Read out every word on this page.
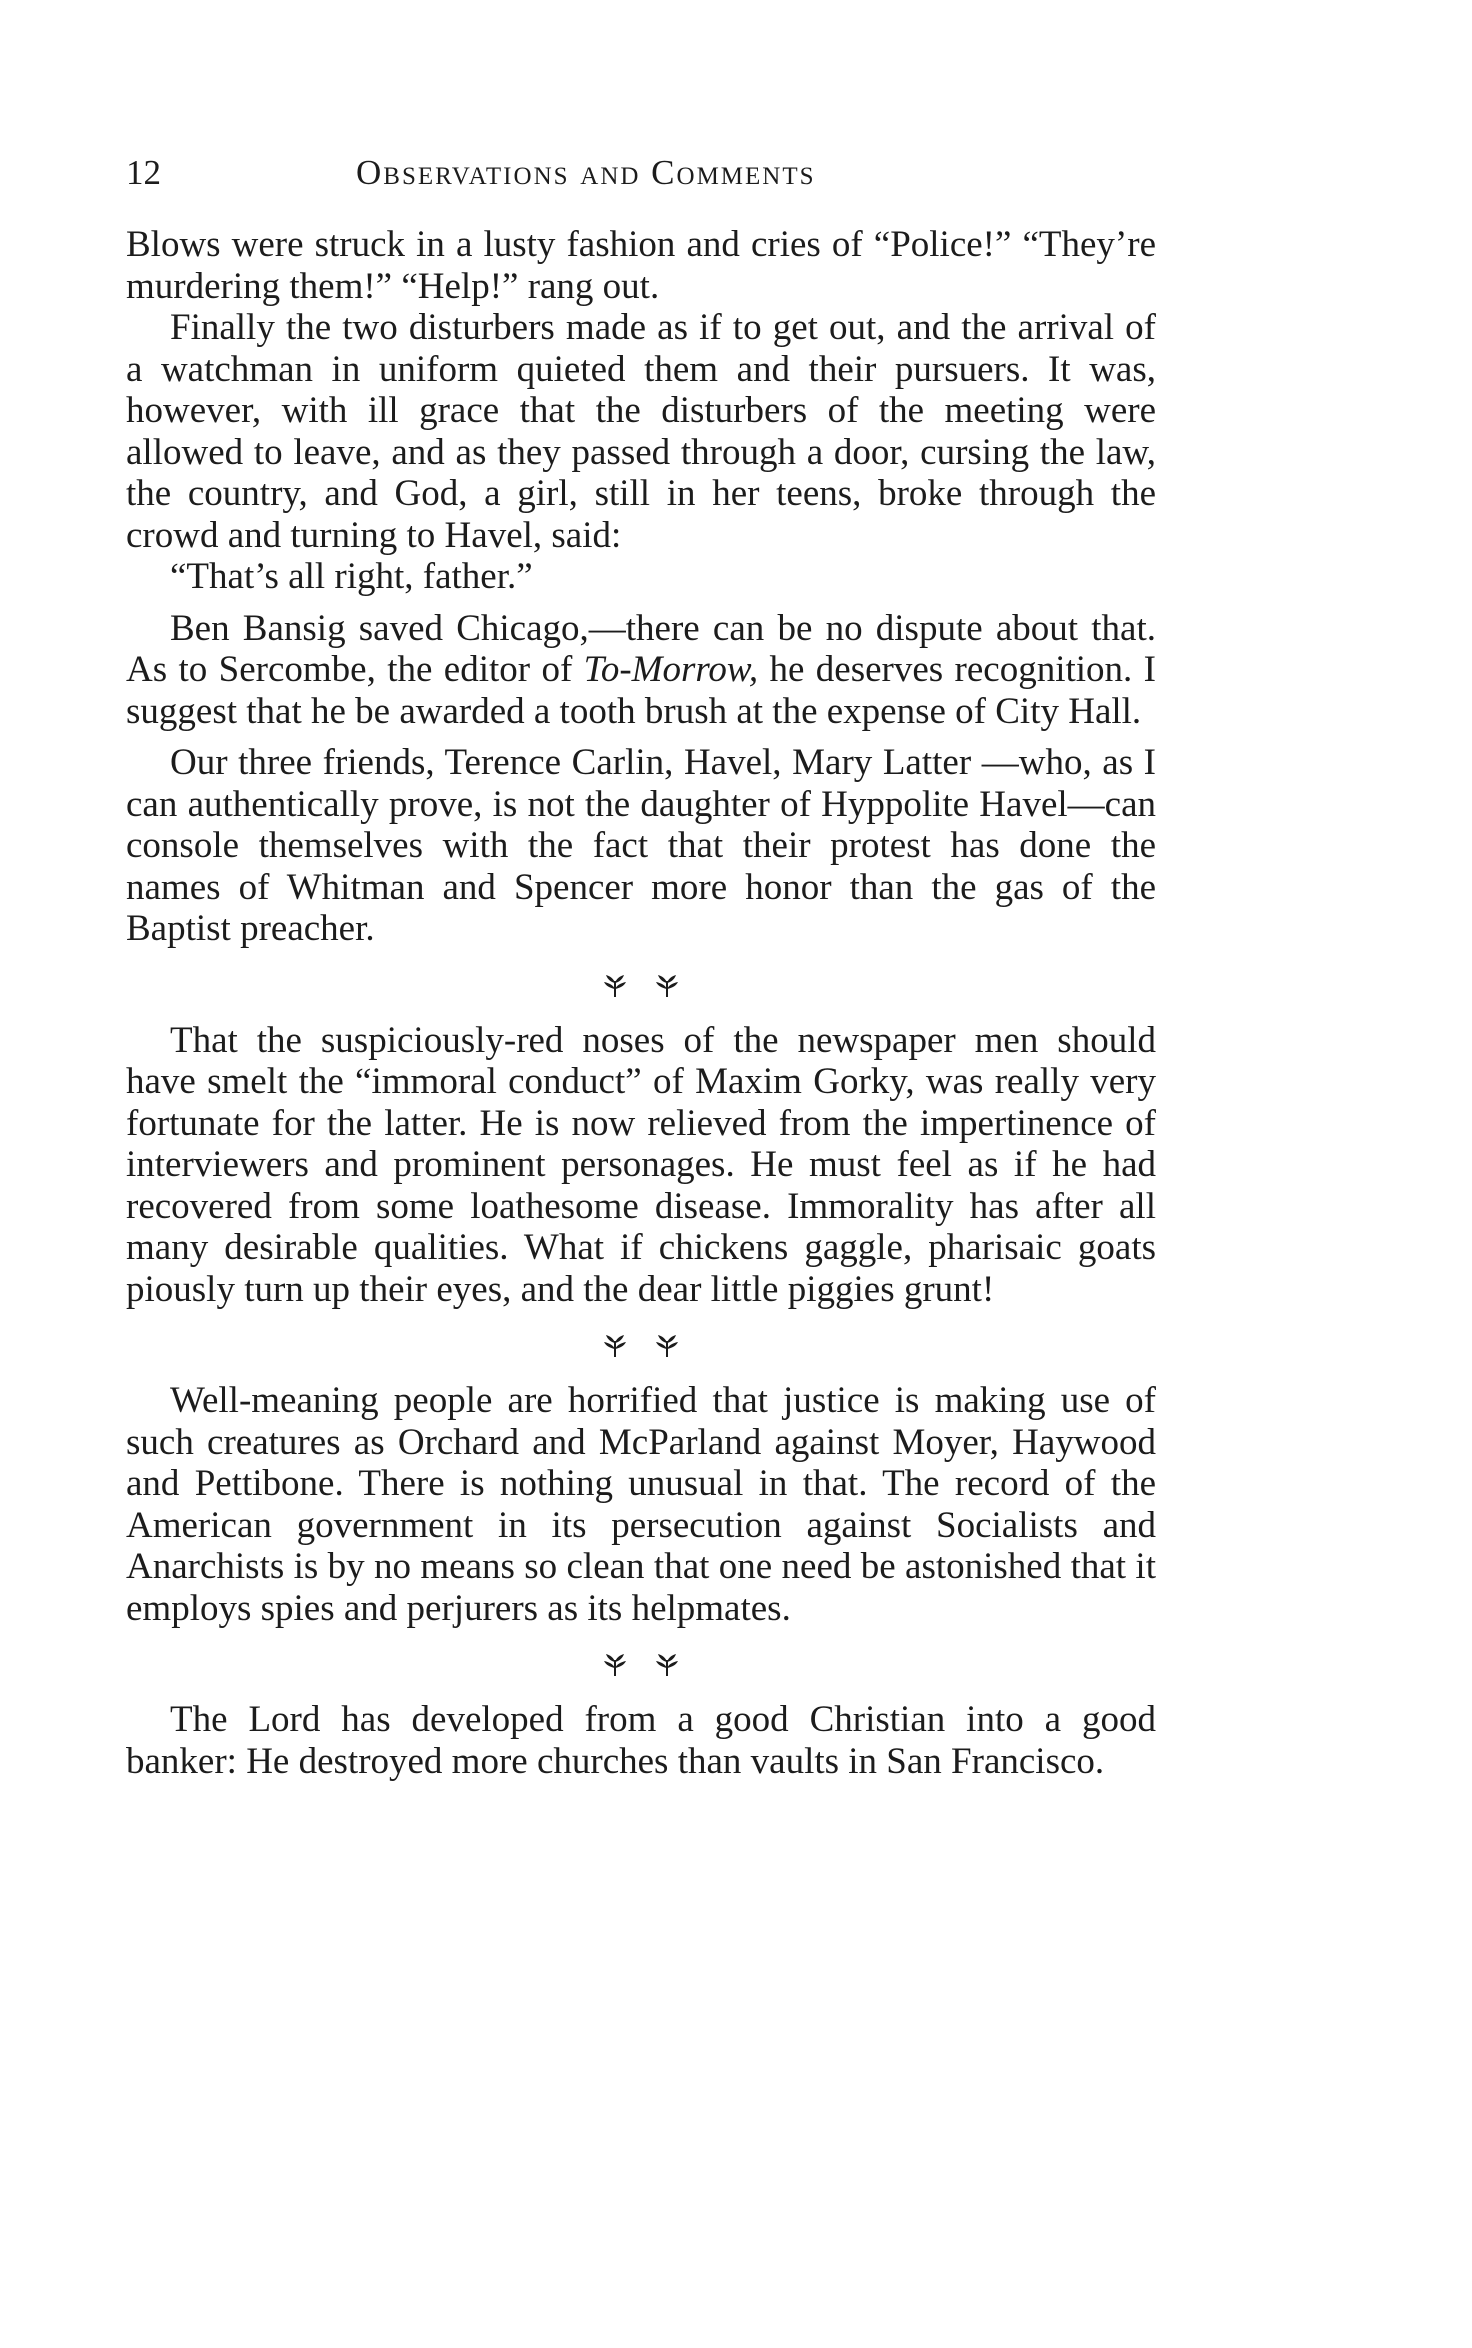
12	Observations and Comments

Blows were struck in a lusty fashion and cries of “Police!” “They’re murdering them!” “Help!” rang out.

Finally the two disturbers made as if to get out, and the arrival of a watchman in uniform quieted them and their pursuers. It was, however, with ill grace that the disturbers of the meeting were allowed to leave, and as they passed through a door, cursing the law, the country, and God, a girl, still in her teens, broke through the crowd and turning to Havel, said:

“That’s all right, father.”

Ben Bansig saved Chicago,—there can be no dispute about that. As to Sercombe, the editor of To-Morrow, he deserves recognition. I suggest that he be awarded a tooth brush at the expense of City Hall.

Our three friends, Terence Carlin, Havel, Mary Latter —who, as I can authentically prove, is not the daughter of Hyppolite Havel—can console themselves with the fact that their protest has done the names of Whitman and Spencer more honor than the gas of the Baptist preacher.

That the suspiciously-red noses of the newspaper men should have smelt the “immoral conduct” of Maxim Gorky, was really very fortunate for the latter. He is now relieved from the impertinence of interviewers and prominent personages. He must feel as if he had recovered from some loathesome disease. Immorality has after all many desirable qualities. What if chickens gaggle, pharisaic goats piously turn up their eyes, and the dear little piggies grunt!

Well-meaning people are horrified that justice is making use of such creatures as Orchard and McParland against Moyer, Haywood and Pettibone. There is nothing unusual in that. The record of the American government in its persecution against Socialists and Anarchists is by no means so clean that one need be astonished that it employs spies and perjurers as its helpmates.

The Lord has developed from a good Christian into a good banker: He destroyed more churches than vaults in San Francisco.
